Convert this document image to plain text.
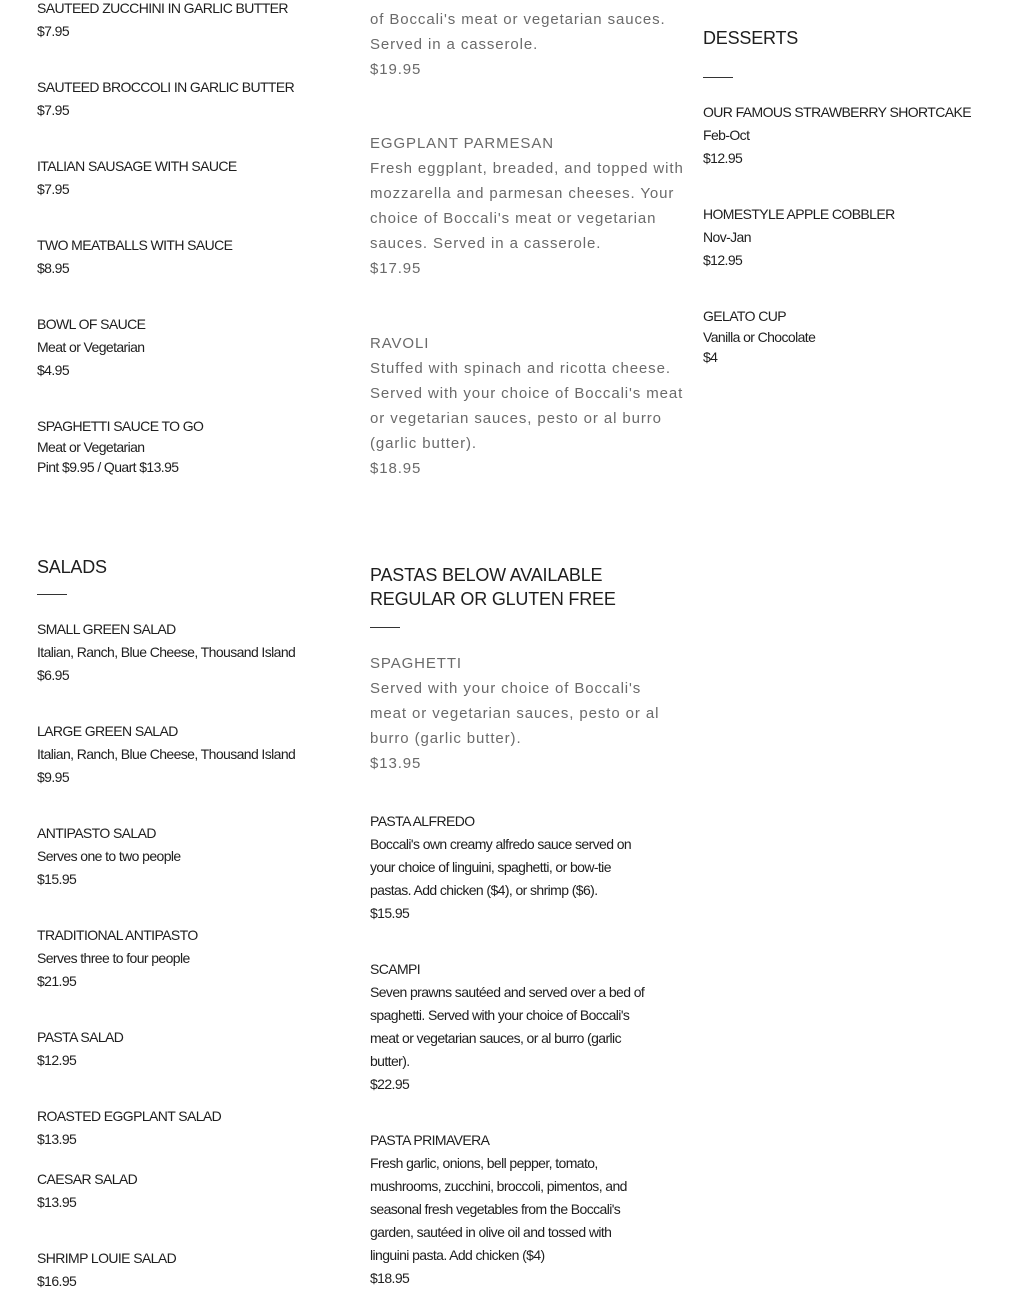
SALADS	PASTAS BELOW AVAILABLE
REGULAR OR GLUTEN FREE
DESSERTS
SAUTEED ZUCCHINI IN GARLIC BUTTER
$7.95
SAUTEED BROCCOLI IN GARLIC BUTTER
$7.95
ITALIAN SAUSAGE WITH SAUCE
$7.95
TWO MEATBALLS WITH SAUCE
$8.95
BOWL OF SAUCE
Meat or Vegetarian
$4.95
SPAGHETTI SAUCE TO GO
Meat or Vegetarian
Pint $9.95 / Quart $13.95
SMALL GREEN SALAD
Italian, Ranch, Blue Cheese, Thousand Island
$6.95
LARGE GREEN SALAD
Italian, Ranch, Blue Cheese, Thousand Island
$9.95
ANTIPASTO SALAD
Serves one to two people
$15.95
TRADITIONAL ANTIPASTO
Serves three to four people
$21.95
PASTA SALAD
$12.95
ROASTED EGGPLANT SALAD
$13.95
CAESAR SALAD
$13.95
SHRIMP LOUIE SALAD
$16.95
of Boccali's meat or vegetarian sauces.
Served in a casserole.
$19.95
EGGPLANT PARMESAN
Fresh eggplant, breaded, and topped with
mozzarella and parmesan cheeses. Your
choice of Boccali's meat or vegetarian
sauces. Served in a casserole.
$17.95
RAVOLI
Stuffed with spinach and ricotta cheese.
Served with your choice of Boccali's meat
or vegetarian sauces, pesto or al burro
(garlic butter).
$18.95
SPAGHETTI
Served with your choice of Boccali's
meat or vegetarian sauces, pesto or al
burro (garlic butter).
$13.95
PASTA ALFREDO
Boccali's own creamy alfredo sauce served on
your choice of linguini, spaghetti, or bow-tie
pastas. Add chicken ($4), or shrimp ($6).
$15.95
SCAMPI
Seven prawns sautéed and served over a bed of
spaghetti. Served with your choice of Boccali's
meat or vegetarian sauces, or al burro (garlic
butter).
$22.95
PASTA PRIMAVERA
Fresh garlic, onions, bell pepper, tomato,
mushrooms, zucchini, broccoli, pimentos, and
seasonal fresh vegetables from the Boccali's
garden, sautéed in olive oil and tossed with
linguini pasta. Add chicken ($4)
$18.95
OUR FAMOUS STRAWBERRY SHORTCAKE
Feb-Oct
$12.95
HOMESTYLE APPLE COBBLER
Nov-Jan
$12.95
GELATO CUP
Vanilla or Chocolate
$4
